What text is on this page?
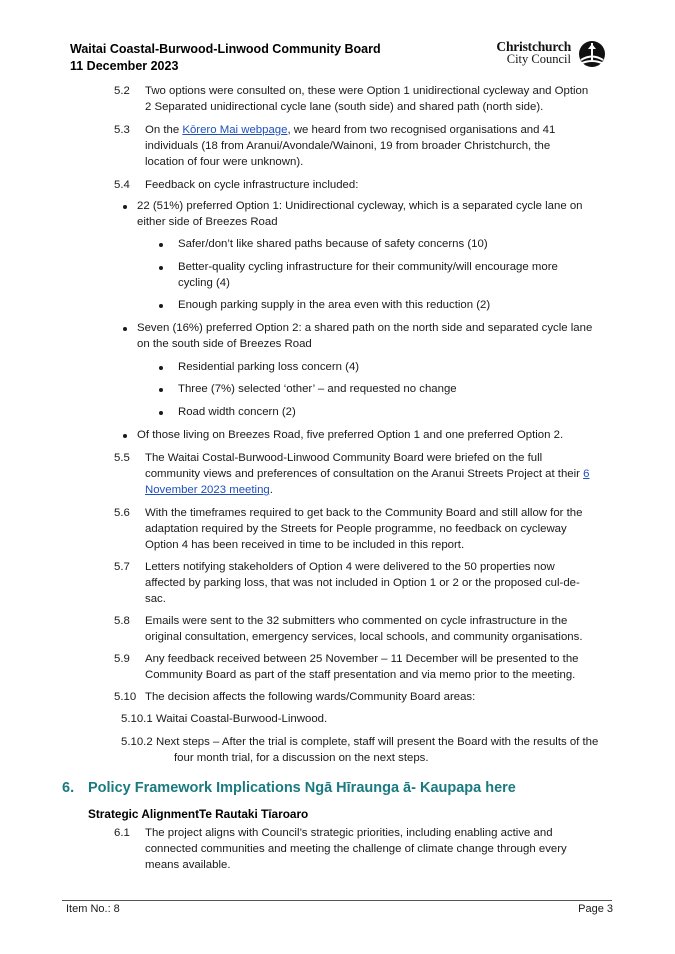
Waitai Coastal-Burwood-Linwood Community Board
11 December 2023
Christchurch
City Council
5.2 Two options were consulted on, these were Option 1 unidirectional cycleway and Option
2 Separated unidirectional cycle lane (south side) and shared path (north side).
5.3 On the Kōrero Mai webpage, we heard from two recognised organisations and 41
individuals (18 from Aranui/Avondale/Wainoni, 19 from broader Christchurch, the
location of four were unknown).
5.4 Feedback on cycle infrastructure included:
22 (51%) preferred Option 1: Unidirectional cycleway, which is a separated cycle lane on
either side of Breezes Road
Safer/don’t like shared paths because of safety concerns (10)
Better-quality cycling infrastructure for their community/will encourage more
cycling (4)
Enough parking supply in the area even with this reduction (2)
Seven (16%) preferred Option 2: a shared path on the north side and separated cycle lane
on the south side of Breezes Road
Residential parking loss concern (4)
Three (7%) selected ‘other’ – and requested no change
Road width concern (2)
Of those living on Breezes Road, five preferred Option 1 and one preferred Option 2.
5.5 The Waitai Costal-Burwood-Linwood Community Board were briefed on the full
community views and preferences of consultation on the Aranui Streets Project at their 6
November 2023 meeting.
5.6 With the timeframes required to get back to the Community Board and still allow for the
adaptation required by the Streets for People programme, no feedback on cycleway
Option 4 has been received in time to be included in this report.
5.7 Letters notifying stakeholders of Option 4 were delivered to the 50 properties now
affected by parking loss, that was not included in Option 1 or 2 or the proposed cul-de-
sac.
5.8 Emails were sent to the 32 submitters who commented on cycle infrastructure in the
original consultation, emergency services, local schools, and community organisations.
5.9 Any feedback received between 25 November – 11 December will be presented to the
Community Board as part of the staff presentation and via memo prior to the meeting.
5.10 The decision affects the following wards/Community Board areas:
5.10.1 Waitai Coastal-Burwood-Linwood.
5.10.2 Next steps – After the trial is complete, staff will present the Board with the results of the
four month trial, for a discussion on the next steps.
6. Policy Framework Implications Ngā Hīraunga ā- Kaupapa here
Strategic AlignmentTe Rautaki Tīaroaro
6.1 The project aligns with Council’s strategic priorities, including enabling active and
connected communities and meeting the challenge of climate change through every
means available.
Item No.: 8	Page 3
